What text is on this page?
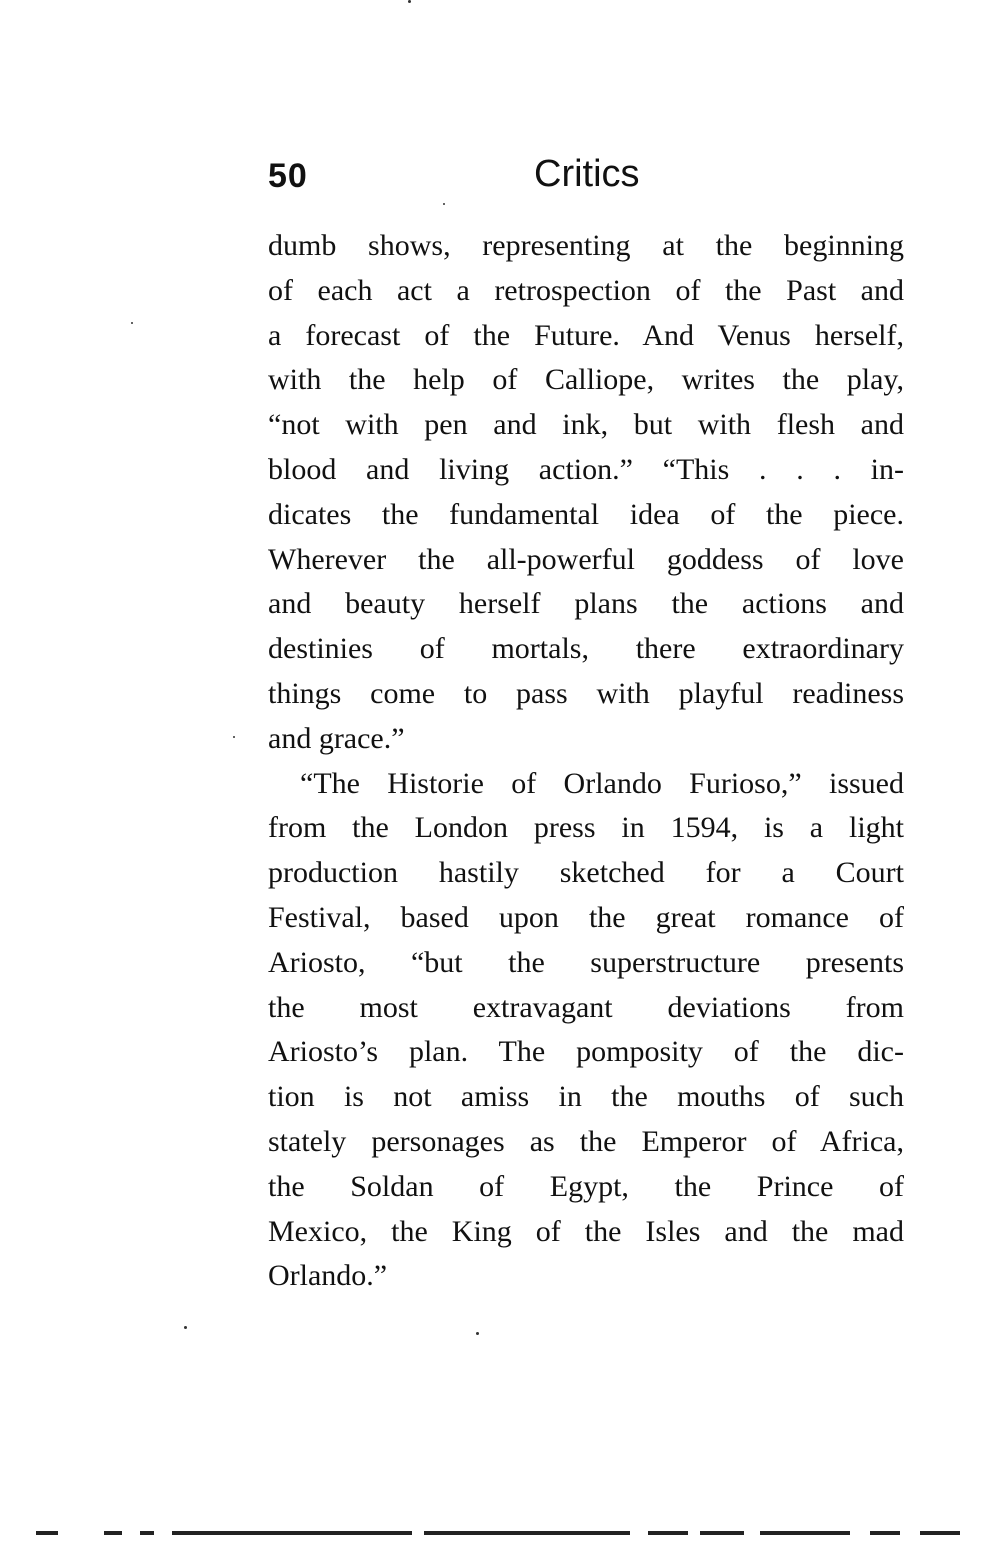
50	Critics
dumb shows, representing at the beginning
of each act a retrospection of the Past and
a forecast of the Future. And Venus herself,
with the help of Calliope, writes the play,
“not with pen and ink, but with flesh and
blood and living action.” “This . . . in-
dicates the fundamental idea of the piece.
Wherever the all-powerful goddess of love
and beauty herself plans the actions and
destinies of mortals, there extraordinary
things come to pass with playful readiness
and grace.”
“The Historie of Orlando Furioso,” issued
from the London press in 1594, is a light
production hastily sketched for a Court
Festival, based upon the great romance of
Ariosto, “but the superstructure presents
the most extravagant deviations from
Ariosto’s plan. The pomposity of the dic-
tion is not amiss in the mouths of such
stately personages as the Emperor of Africa,
the Soldan of Egypt, the Prince of
Mexico, the King of the Isles and the mad
Orlando.”
